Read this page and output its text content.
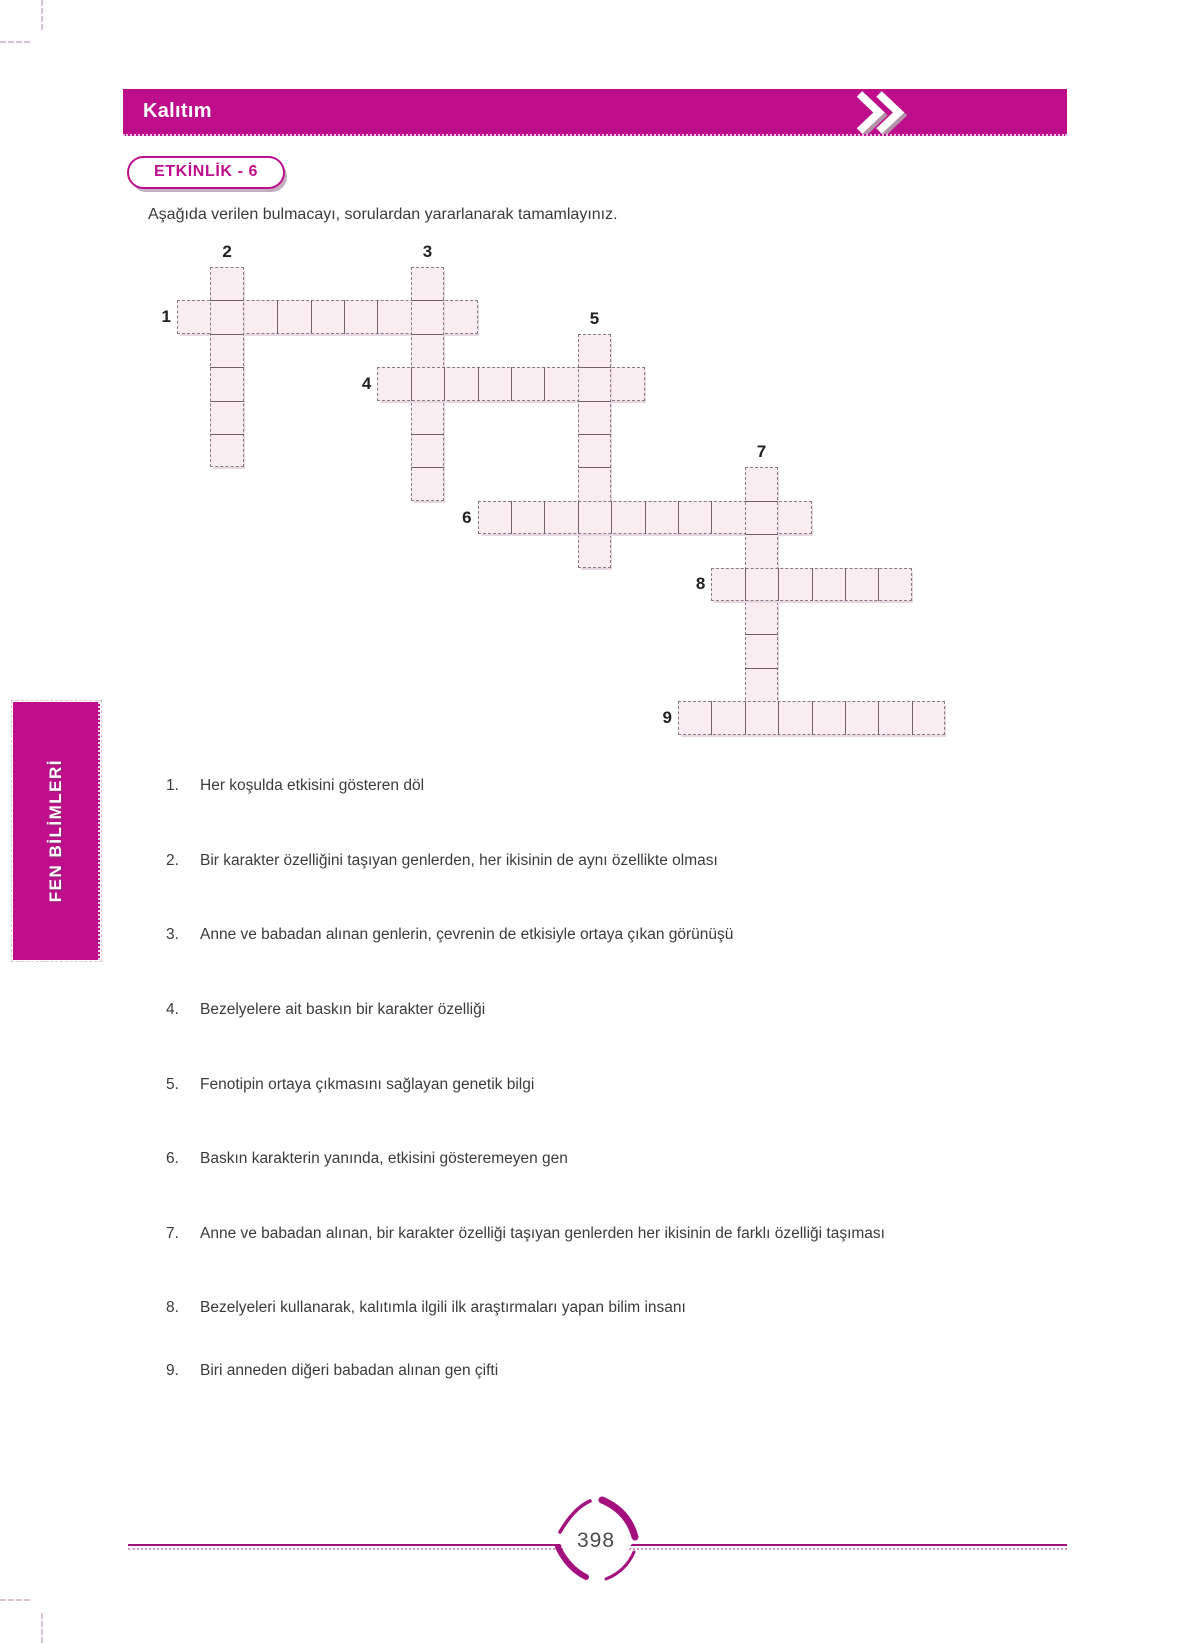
Kalıtım
ETKİNLİK - 6
Aşağıda verilen bulmacayı, sorulardan yararlanarak tamamlayınız.
1
2	3
4
5
6
7
8
9
FEN BİLİMLERİ	1. Her koşulda etkisini gösteren döl
2. Bir karakter özelliğini taşıyan genlerden, her ikisinin de aynı özellikte olması
3. Anne ve babadan alınan genlerin, çevrenin de etkisiyle ortaya çıkan görünüşü
4. Bezelyelere ait baskın bir karakter özelliği
5. Fenotipin ortaya çıkmasını sağlayan genetik bilgi
6. Baskın karakterin yanında, etkisini gösteremeyen gen
7. Anne ve babadan alınan, bir karakter özelliği taşıyan genlerden her ikisinin de farklı özelliği taşıması
8. Bezelyeleri kullanarak, kalıtımla ilgili ilk araştırmaları yapan bilim insanı
9. Biri anneden diğeri babadan alınan gen çifti
398
